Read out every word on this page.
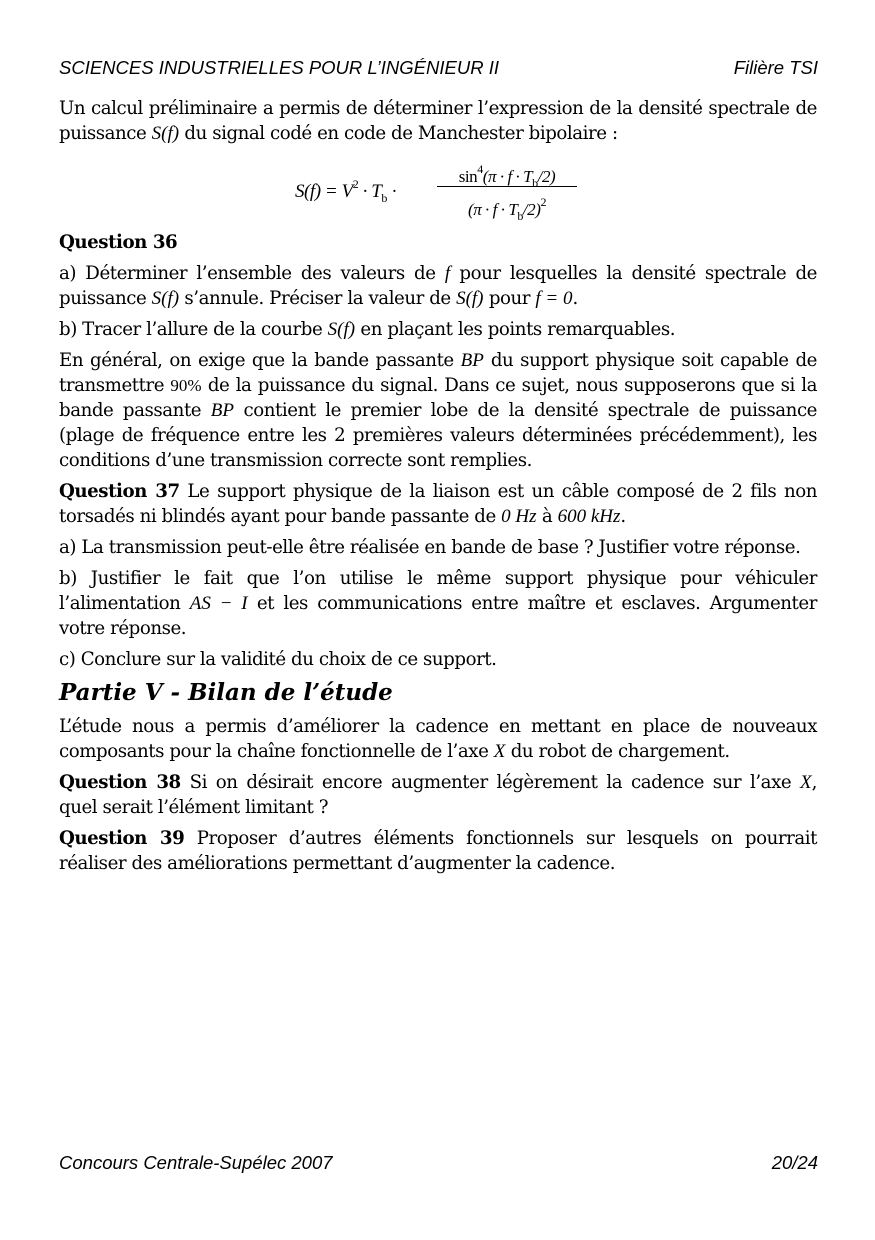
SCIENCES INDUSTRIELLES POUR L’INGÉNIEUR II	Filière TSI

Un calcul préliminaire a permis de déterminer l’expression de la densité spectrale de puissance S(f) du signal codé en code de Manchester bipolaire :

$S(f) = V^2 \cdot T_b$ ·
$\sin^4(\pi \cdot f \cdot T_b/2)$
$(\pi \cdot f \cdot T_b/2)^2$

Question 36

a) Déterminer l’ensemble des valeurs de f pour lesquelles la densité spectrale de puissance S(f) s’annule. Préciser la valeur de S(f) pour f = 0.

b) Tracer l’allure de la courbe S(f) en plaçant les points remarquables.

En général, on exige que la bande passante BP du support physique soit capable de transmettre 90% de la puissance du signal. Dans ce sujet, nous supposerons que si la bande passante BP contient le premier lobe de la densité spectrale de puissance (plage de fréquence entre les 2 premières valeurs déterminées précédemment), les conditions d’une transmission correcte sont remplies.

Question 37 Le support physique de la liaison est un câble composé de 2 fils non torsadés ni blindés ayant pour bande passante de 0 Hz à 600 kHz.

a) La transmission peut-elle être réalisée en bande de base ? Justifier votre réponse.

b) Justifier le fait que l’on utilise le même support physique pour véhiculer l’alimentation AS − I et les communications entre maître et esclaves. Argumenter votre réponse.

c) Conclure sur la validité du choix de ce support.

Partie V - Bilan de l’étude

L’étude nous a permis d’améliorer la cadence en mettant en place de nouveaux composants pour la chaîne fonctionnelle de l’axe X du robot de chargement.

Question 38 Si on désirait encore augmenter légèrement la cadence sur l’axe X, quel serait l’élément limitant ?

Question 39 Proposer d’autres éléments fonctionnels sur lesquels on pourrait réaliser des améliorations permettant d’augmenter la cadence.

Concours Centrale-Supélec 2007	20/24
